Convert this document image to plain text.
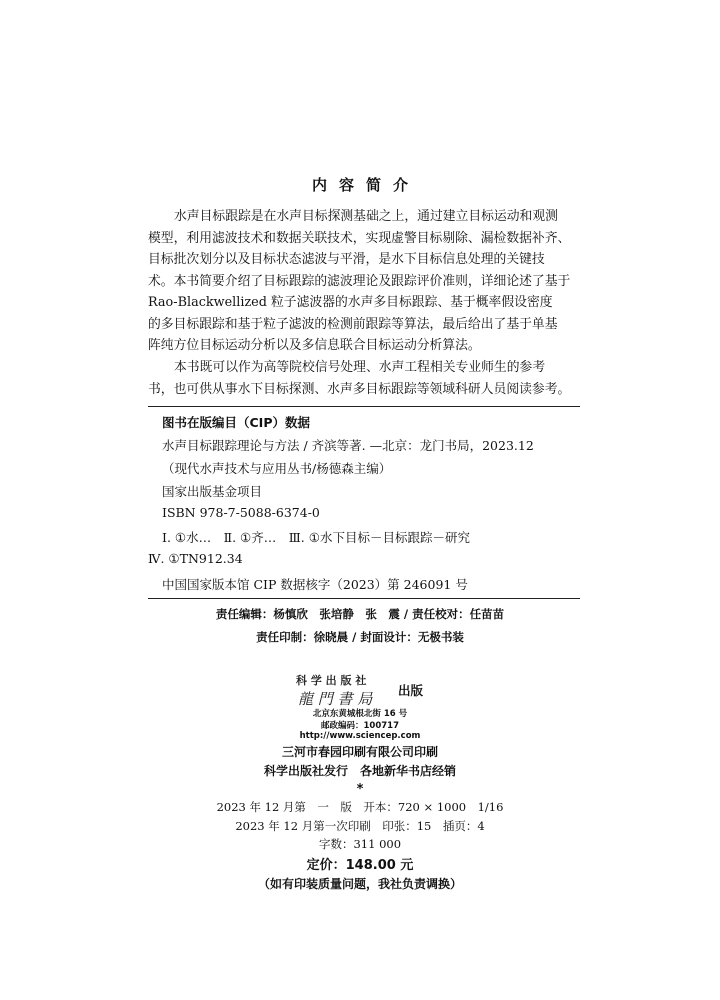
内容简介
水声目标跟踪是在水声目标探测基础之上，通过建立目标运动和观测
模型，利用滤波技术和数据关联技术，实现虚警目标剔除、漏检数据补齐、
目标批次划分以及目标状态滤波与平滑，是水下目标信息处理的关键技
术。本书简要介绍了目标跟踪的滤波理论及跟踪评价准则，详细论述了基于
Rao-Blackwellized 粒子滤波器的水声多目标跟踪、基于概率假设密度
的多目标跟踪和基于粒子滤波的检测前跟踪等算法，最后给出了基于单基
阵纯方位目标运动分析以及多信息联合目标运动分析算法。
本书既可以作为高等院校信号处理、水声工程相关专业师生的参考
书，也可供从事水下目标探测、水声多目标跟踪等领域科研人员阅读参考。
图书在版编目（CIP）数据
水声目标跟踪理论与方法 / 齐滨等著. —北京：龙门书局，2023.12
（现代水声技术与应用丛书/杨德森主编）
国家出版基金项目
ISBN 978-7-5088-6374-0
Ⅰ. ①水…　Ⅱ. ①齐…　Ⅲ. ①水下目标－目标跟踪－研究
Ⅳ. ①TN912.34
中国国家版本馆 CIP 数据核字（2023）第 246091 号
责任编辑：杨慎欣　张培静　张　震 / 责任校对：任苗苗
责任印制：徐晓晨 / 封面设计：无极书装
科 学 出 版 社
龍 門 書 局 出版
北京东黄城根北街 16 号
邮政编码：100717
http://www.sciencep.com
三河市春园印刷有限公司印刷
科学出版社发行　各地新华书店经销
*
2023 年 12 月第　一　版　开本：720 × 1000　1/16
2023 年 12 月第一次印刷　印张：15　插页：4
字数：311 000
定价：148.00 元
（如有印装质量问题，我社负责调换）
